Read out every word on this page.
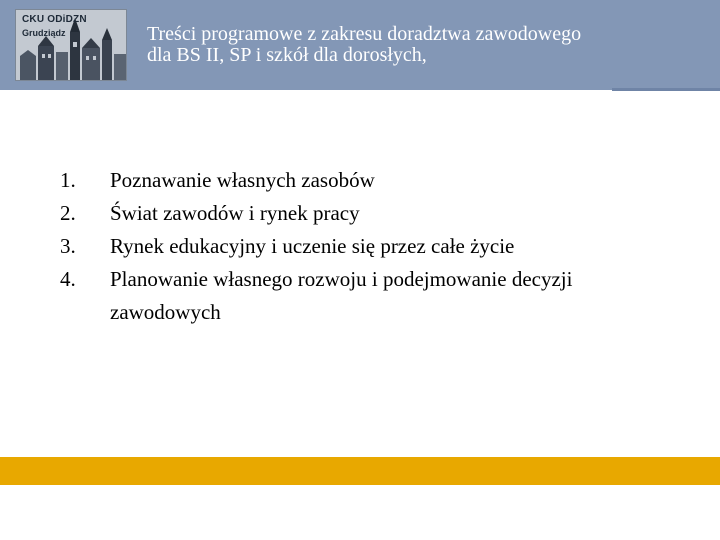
CKU ODiDZN
Grudziądz	Treści programowe z zakresu doradztwa zawodowego
dla BS II, SP i szkół dla dorosłych,
1.	Poznawanie własnych zasobów
2.	Świat zawodów i rynek pracy
3.	Rynek edukacyjny i uczenie się przez całe życie
4.	Planowanie własnego rozwoju i podejmowanie decyzji zawodowych
